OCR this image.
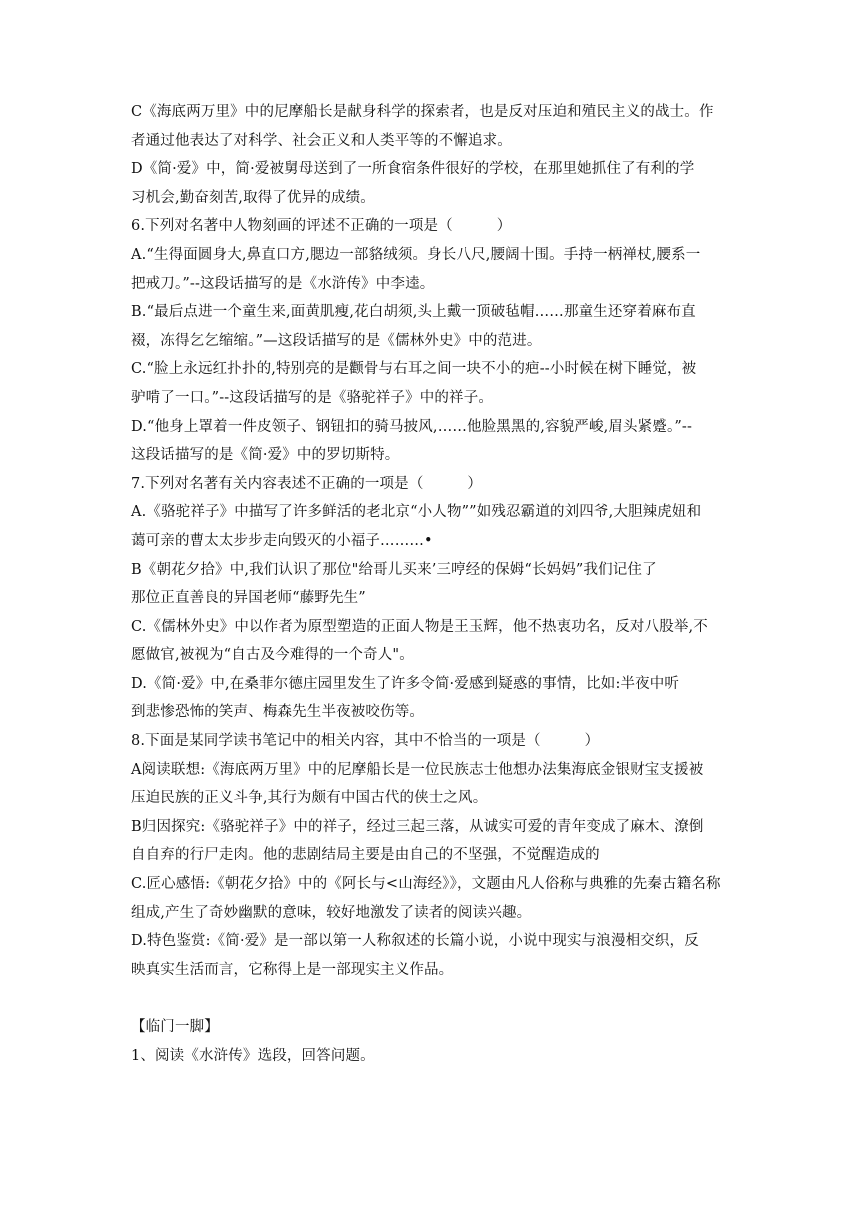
C《海底两万里》中的尼摩船长是献身科学的探索者，也是反对压迫和殖民主义的战士。作
者通过他表达了对科学、社会正义和人类平等的不懈追求。
D《简·爱》中，简·爱被舅母送到了一所食宿条件很好的学校，在那里她抓住了有利的学
习机会,勤奋刻苦,取得了优异的成绩。
6.下列对名著中人物刻画的评述不正确的一项是（　　　）
A.“生得面圆身大,鼻直口方,腮边一部貉绒须。身长八尺,腰阔十围。手持一柄禅杖,腰系一
把戒刀。”--这段话描写的是《水浒传》中李逵。
B.“最后点进一个童生来,面黄肌瘦,花白胡须,头上戴一顶破毡帽……那童生还穿着麻布直
裰，冻得乞乞缩缩。”—这段话描写的是《儒林外史》中的范进。
C.“脸上永远红扑扑的,特别亮的是颧骨与右耳之间一块不小的疤--小时候在树下睡觉，被
驴啃了一口。”--这段话描写的是《骆驼祥子》中的祥子。
D.“他身上罩着一件皮领子、钢钮扣的骑马披风,……他脸黑黑的,容貌严峻,眉头紧蹙。”--
这段话描写的是《简·爱》中的罗切斯特。
7.下列对名著有关内容表述不正确的一项是（　　　）
A.《骆驼祥子》中描写了许多鲜活的老北京“小人物””如残忍霸道的刘四爷,大胆辣虎妞和
蔼可亲的曹太太步步走向毁灭的小福子………•
B《朝花夕拾》中,我们认识了那位"给哥儿买来’三哼经的保姆“长妈妈”我们记住了
那位正直善良的异国老师“藤野先生”
C.《儒林外史》中以作者为原型塑造的正面人物是王玉辉，他不热衷功名，反对八股举,不
愿做官,被视为“自古及今难得的一个奇人"。
D.《简·爱》中,在桑菲尔德庄园里发生了许多令简·爱感到疑惑的事情，比如:半夜中听
到悲惨恐怖的笑声、梅森先生半夜被咬伤等。
8.下面是某同学读书笔记中的相关内容，其中不恰当的一项是（　　　）
A阅读联想:《海底两万里》中的尼摩船长是一位民族志士他想办法集海底金银财宝支援被
压迫民族的正义斗争,其行为颇有中国古代的侠士之风。
B归因探究:《骆驼祥子》中的祥子，经过三起三落，从诚实可爱的青年变成了麻木、潦倒
自自弃的行尸走肉。他的悲剧结局主要是由自己的不坚强，不觉醒造成的
C.匠心感悟:《朝花夕拾》中的《阿长与<山海经》》，文题由凡人俗称与典雅的先秦古籍名称
组成,产生了奇妙幽默的意味，较好地激发了读者的阅读兴趣。
D.特色鉴赏:《简·爱》是一部以第一人称叙述的长篇小说，小说中现实与浪漫相交织，反
映真实生活而言，它称得上是一部现实主义作品。
【临门一脚】
1、阅读《水浒传》选段，回答问题。
